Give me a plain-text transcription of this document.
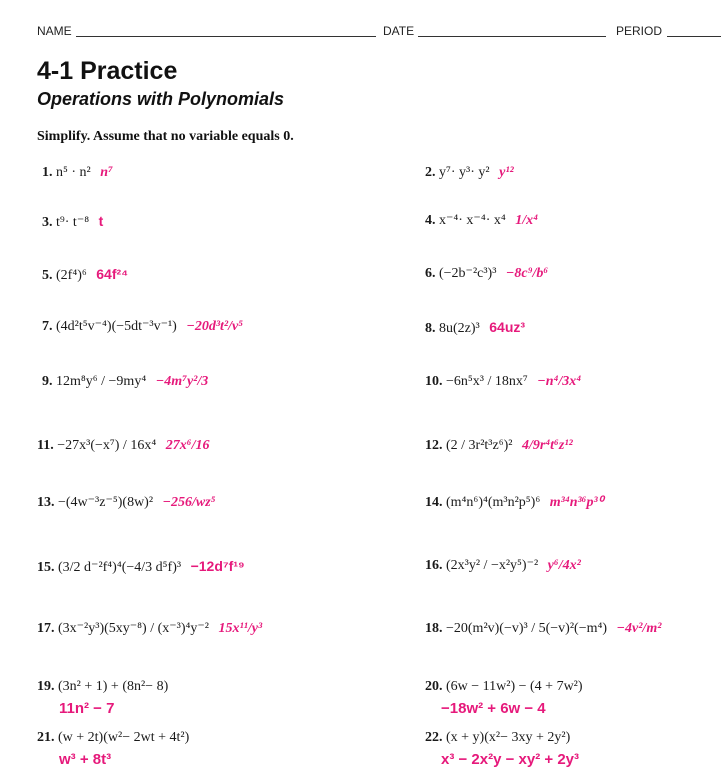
NAME	DATE	PERIOD
4-1 Practice
Operations with Polynomials
Simplify. Assume that no variable equals 0.
1. n⁵ · n² n⁷	2. y⁷· y³· y² y¹²
3. t⁹· t⁻⁸ t	4. x⁻⁴· x⁻⁴· x⁴ 1/x⁴
5. (2f⁴)⁶ 64f²⁴	6. (−2b⁻²c³)³ −8c⁹/b⁶
7. (4d²t⁵v⁻⁴)(−5dt⁻³v⁻¹) −20d³t²/v⁵	8. 8u(2z)³ 64uz³
9. 12m⁸y⁶ / −9my⁴ −4m⁷y²/3	10. −6n⁵x³ / 18nx⁷ −n⁴/3x⁴
11. −27x³(−x⁷) / 16x⁴ 27x⁶/16	12. (2 / 3r²t³z⁶)² 4/9r⁴t⁶z¹²
13. −(4w⁻³z⁻⁵)(8w)² −256/wz⁵	14. (m⁴n⁶)⁴(m³n²p⁵)⁶ m³⁴n³⁶p³⁰
15. (3/2 d⁻²f⁴)⁴(−4/3 d⁵f)³ −12d⁷f¹⁹	16. (2x³y² / −x²y⁵)⁻² y⁶/4x²
17. (3x⁻²y³)(5xy⁻⁸) / (x⁻³)⁴y⁻² 15x¹¹/y³	18. −20(m²v)(−v)³ / 5(−v)²(−m⁴) −4v²/m²
19. (3n² + 1) + (8n²− 8)
11n² − 7
20. (6w − 11w²) − (4 + 7w²)
−18w² + 6w − 4
21. (w + 2t)(w²− 2wt + 4t²)
w³ + 8t³
22. (x + y)(x²− 3xy + 2y²)
x³ − 2x²y − xy² + 2y³
